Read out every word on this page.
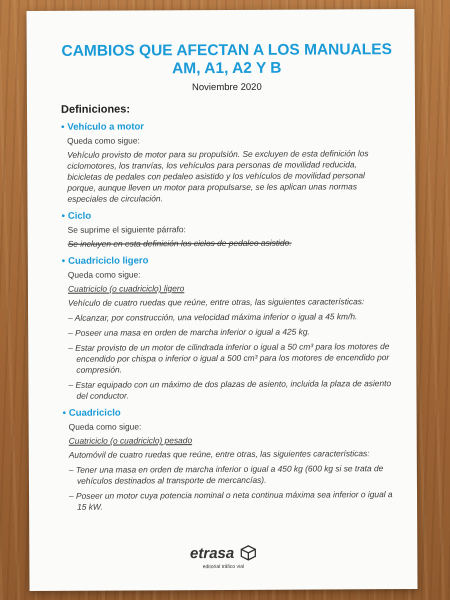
CAMBIOS QUE AFECTAN A LOS MANUALES
AM, A1, A2 Y B
Noviembre 2020
Definiciones:
• Vehículo a motor
Queda como sigue:
Vehículo provisto de motor para su propulsión. Se excluyen de esta definición los ciclomotores, los tranvías, los vehículos para personas de movilidad reducida, bicicletas de pedales con pedaleo asistido y los vehículos de movilidad personal porque, aunque lleven un motor para propulsarse, se les aplican unas normas especiales de circulación.
• Ciclo
Se suprime el siguiente párrafo:
Se incluyen en esta definición los ciclos de pedaleo asistido.
• Cuadriciclo ligero
Queda como sigue:
Cuatriciclo (o cuadriciclo) ligero
Vehículo de cuatro ruedas que reúne, entre otras, las siguientes características:
– Alcanzar, por construcción, una velocidad máxima inferior o igual a 45 km/h.
– Poseer una masa en orden de marcha inferior o igual a 425 kg.
– Estar provisto de un motor de cilindrada inferior o igual a 50 cm³ para los motores de encendido por chispa o inferior o igual a 500 cm³ para los motores de encendido por compresión.
– Estar equipado con un máximo de dos plazas de asiento, incluida la plaza de asiento del conductor.
• Cuadriciclo
Queda como sigue:
Cuatriciclo (o cuadriciclo) pesado
Automóvil de cuatro ruedas que reúne, entre otras, las siguientes características:
– Tener una masa en orden de marcha inferior o igual a 450 kg (600 kg si se trata de vehículos destinados al transporte de mercancías).
– Poseer un motor cuya potencia nominal o neta continua máxima sea inferior o igual a 15 kW.
etrasa
editorial tráfico vial
